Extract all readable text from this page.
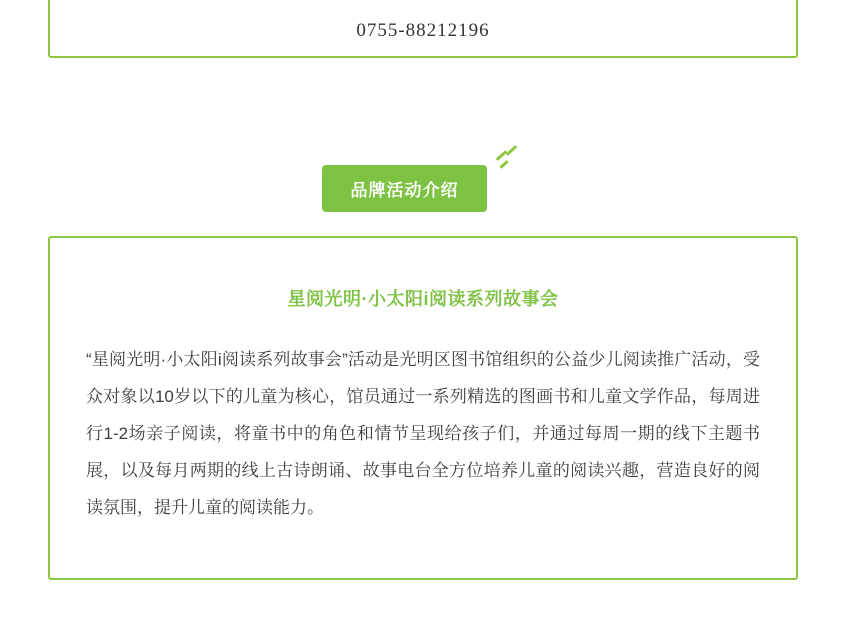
0755-88212196
品牌活动介绍
星阅光明·小太阳i阅读系列故事会
“星阅光明·小太阳i阅读系列故事会”活动是光明区图书馆组织的公益少儿阅读推广活动，受众对象以10岁以下的儿童为核心，馆员通过一系列精选的图画书和儿童文学作品，每周进行1-2场亲子阅读，将童书中的角色和情节呈现给孩子们，并通过每周一期的线下主题书展，以及每月两期的线上古诗朗诵、故事电台全方位培养儿童的阅读兴趣，营造良好的阅读氛围，提升儿童的阅读能力。
